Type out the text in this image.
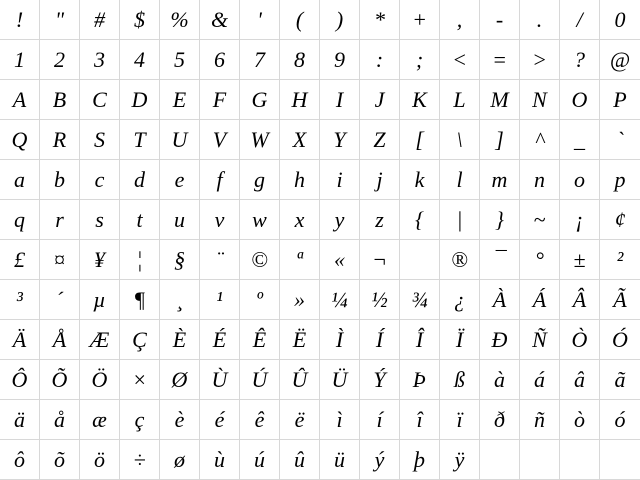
! " # $ % & ' ( ) * + , - . / 0
1 2 3 4 5 6 7 8 9 : ; < = > ? @
A B C D E F G H I J K L M N O P
Q R S T U V W X Y Z [ \ ] ^ _ `
a b c d e f g h i j k l m n o p
q r s t u v w x y z { | } ~ ¡ ¢
£ ¤ ¥ ¦ § ¨ © ª « ¬	® ¯ ° ± ²
³ ´ µ ¶ ¸ ¹ º » ¼ ½ ¾ ¿ À Á Â Ã
Ä Å Æ Ç È É Ê Ë Ì Í Î Ï Ð Ñ Ò Ó
Ô Õ Ö × Ø Ù Ú Û Ü Ý Þ ß à á â ã
ä å æ ç è é ê ë ì í î ï ð ñ ò ó
ô õ ö ÷ ø ù ú û ü ý þ ÿ
